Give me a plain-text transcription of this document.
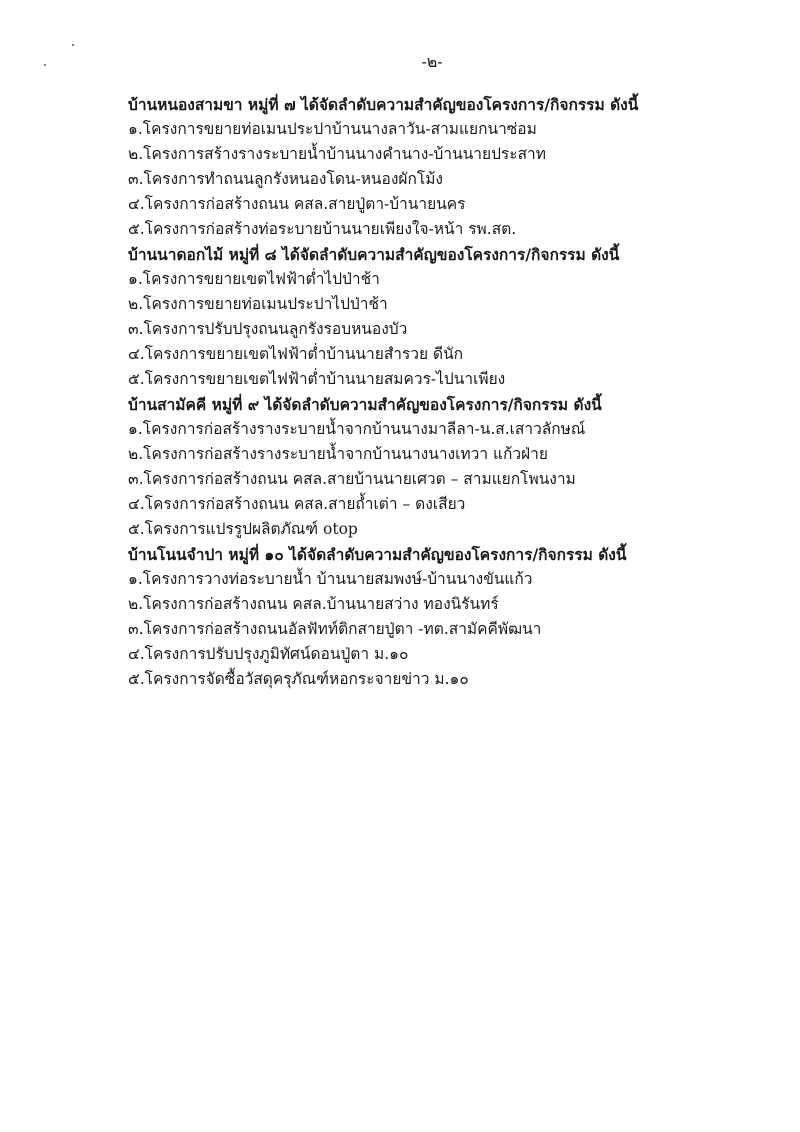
-๒-
บ้านหนองสามขา หมู่ที่ ๗ ได้จัดลำดับความสำคัญของโครงการ/กิจกรรม ดังนี้
๑.โครงการขยายท่อเมนประปาบ้านนางลาวัน-สามแยกนาซ่อม
๒.โครงการสร้างรางระบายน้ำบ้านนางคำนาง-บ้านนายประสาท
๓.โครงการทำถนนลูกรังหนองโดน-หนองผักโม้ง
๔.โครงการก่อสร้างถนน คสล.สายปู่ตา-บ้านายนคร
๕.โครงการก่อสร้างท่อระบายบ้านนายเพียงใจ-หน้า รพ.สต.
บ้านนาดอกไม้ หมู่ที่ ๘ ได้จัดลำดับความสำคัญของโครงการ/กิจกรรม ดังนี้
๑.โครงการขยายเขตไฟฟ้าต่ำไปป่าช้า
๒.โครงการขยายท่อเมนประปาไปป่าช้า
๓.โครงการปรับปรุงถนนลูกรังรอบหนองบัว
๔.โครงการขยายเขตไฟฟ้าต่ำบ้านนายสำรวย ดีนัก
๕.โครงการขยายเขตไฟฟ้าต่ำบ้านนายสมควร-ไปนาเพียง
บ้านสามัคคี หมู่ที่ ๙ ได้จัดลำดับความสำคัญของโครงการ/กิจกรรม ดังนี้
๑.โครงการก่อสร้างรางระบายน้ำจากบ้านนางมาลีลา-น.ส.เสาวลักษณ์
๒.โครงการก่อสร้างรางระบายน้ำจากบ้านนางนางเทวา แก้วฝ่าย
๓.โครงการก่อสร้างถนน คสล.สายบ้านนายเศวต – สามแยกโพนงาม
๔.โครงการก่อสร้างถนน คสล.สายถ้ำเต่า – ดงเสียว
๕.โครงการแปรรูปผลิตภัณฑ์ otop
บ้านโนนจำปา หมู่ที่ ๑๐ ได้จัดลำดับความสำคัญของโครงการ/กิจกรรม ดังนี้
๑.โครงการวางท่อระบายน้ำ บ้านนายสมพงษ์-บ้านนางขันแก้ว
๒.โครงการก่อสร้างถนน คสล.บ้านนายสว่าง ทองนิรันทร์
๓.โครงการก่อสร้างถนนอัลฟัทท์ติกสายปู่ตา -ทต.สามัคคีพัฒนา
๔.โครงการปรับปรุงภูมิทัศน์ดอนปู่ตา ม.๑๐
๕.โครงการจัดซื้อวัสดุครุภัณฑ์หอกระจายข่าว ม.๑๐
